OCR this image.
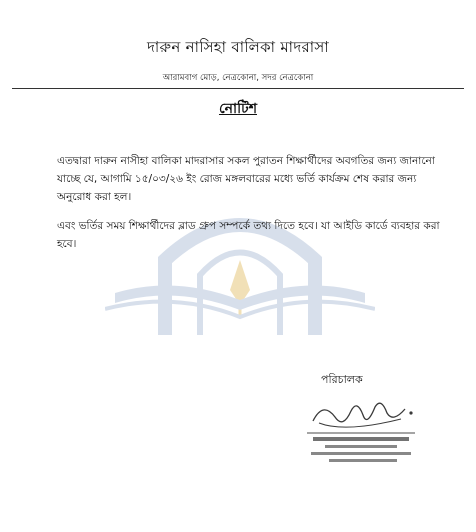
দারুন নাসিহা বালিকা মাদরাসা
আরামবাগ মোড়, নেত্রকোনা, সদর নেত্রকোনা
নোটিশ
এতদ্বারা দারুন নাসীহা বালিকা মাদরাসার সকল পুরাতন শিক্ষার্থীদের অবগতির জন্য জানানো যাচ্ছে যে, আগামি ১৫/০৩/২৬ ইং রোজ মঙ্গলবারের মধ্যে ভর্তি কার্যক্রম শেষ করার জন্য অনুরোধ করা হল।
এবং ভর্তির সময় শিক্ষার্থীদের ব্লাড গ্রুপ সম্পর্কে তথ্য দিতে হবে। যা আইডি কার্ডে ব্যবহার করা হবে।
পরিচালক
